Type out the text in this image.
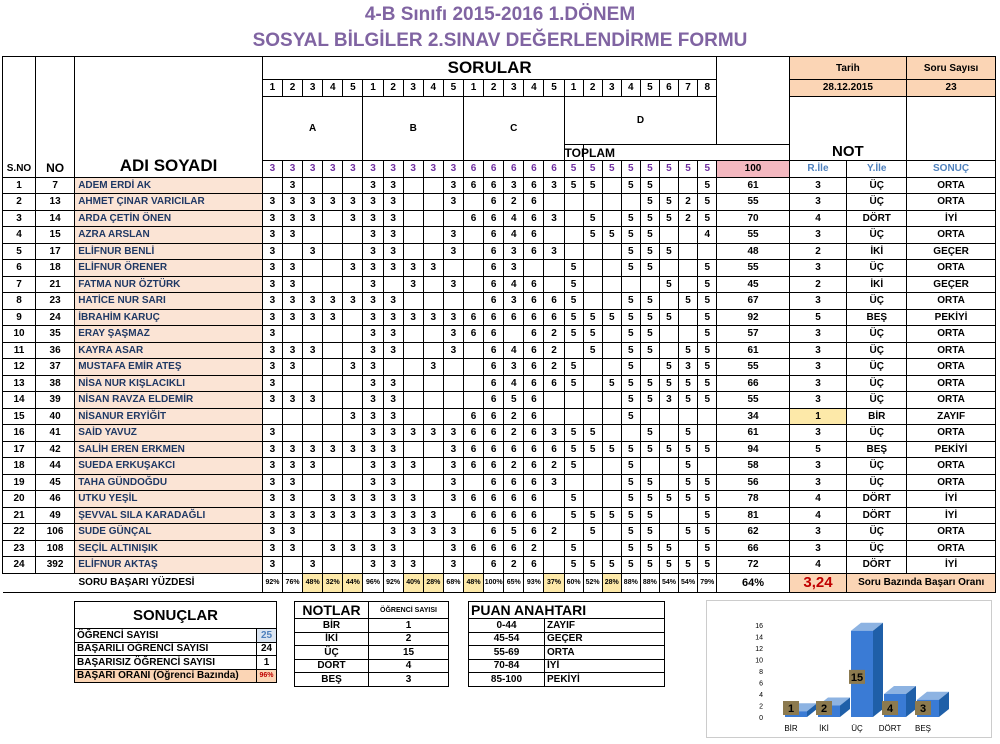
4-B Sınıfı 2015-2016 1.DÖNEM
SOSYAL BİLGİLER 2.SINAV DEĞERLENDİRME FORMU
S.NO	NO	ADI SOYADI	SORULAR																								Tarih		Soru Sayısı
			1	2	3	4	5	1	2	3	4	5	1	2	3	4	5	1	2	3	4	5	6	7	8		28.12.2015		23
			A					B					C					D									NOT		
																		TOPLAM											
			3	3	3	3	3	3	3	3	3	3	6	6	6	6	6	5	5	5	5	5	5	5	5	100	R.İle	Y.İle	SONUÇ
1	7	ADEM ERDİ AK		3				3	3			3	6	6	3	6	3	5	5		5	5			5	61	3	ÜÇ	ORTA
2	13	AHMET ÇINAR VARICILAR	3	3	3	3	3	3	3			3		6	2	6						5	5	2	5	55	3	ÜÇ	ORTA
3	14	ARDA ÇETİN ÖNEN	3	3	3		3	3	3				6	6	4	6	3		5		5	5	5	2	5	70	4	DÖRT	İYİ
4	15	AZRA ARSLAN	3	3				3	3			3		6	4	6			5	5	5	5			4	55	3	ÜÇ	ORTA
5	17	ELİFNUR BENLİ	3		3			3	3			3		6	3	6	3				5	5	5			48	2	İKİ	GEÇER
6	18	ELİFNUR ÖRENER	3	3			3	3	3	3	3			6	3			5			5	5			5	55	3	ÜÇ	ORTA
7	21	FATMA NUR ÖZTÜRK	3	3				3		3		3		6	4	6		5					5		5	45	2	İKİ	GEÇER
8	23	HATİCE NUR SARI	3	3	3	3	3	3	3					6	3	6	6	5			5	5		5	5	67	3	ÜÇ	ORTA
9	24	İBRAHİM KARUÇ	3	3	3	3		3	3	3	3	3	6	6	6	6	6	5	5	5	5	5	5		5	92	5	BEŞ	PEKİYİ
10	35	ERAY ŞAŞMAZ	3					3	3			3	6	6		6	2	5	5		5	5			5	57	3	ÜÇ	ORTA
11	36	KAYRA ASAR	3	3	3			3	3			3		6	4	6	2		5		5	5		5	5	61	3	ÜÇ	ORTA
12	37	MUSTAFA EMİR ATEŞ	3	3			3	3			3			6	3	6	2	5			5		5	3	5	55	3	ÜÇ	ORTA
13	38	NİSA NUR KIŞLACIKLI	3					3	3					6	4	6	6	5		5	5	5	5	5	5	66	3	ÜÇ	ORTA
14	39	NİSAN RAVZA ELDEMİR	3	3	3			3	3					6	5	6					5	5	3	5	5	55	3	ÜÇ	ORTA
15	40	NİSANUR ERYİĞİT					3	3	3				6	6	2	6					5					34	1	BİR	ZAYIF
16	41	SAİD YAVUZ	3					3	3	3	3	3	6	6	2	6	3	5	5			5		5		61	3	ÜÇ	ORTA
17	42	SALİH EREN ERKMEN	3	3	3	3	3	3	3			3	6	6	6	6	6	5	5	5	5	5	5	5	5	94	5	BEŞ	PEKİYİ
18	44	SUEDA ERKUŞAKCI	3	3	3			3	3	3		3	6	6	2	6	2	5			5			5		58	3	ÜÇ	ORTA
19	45	TAHA GÜNDOĞDU	3	3				3	3			3		6	6	6	3				5	5		5	5	56	3	ÜÇ	ORTA
20	46	UTKU YEŞİL	3	3		3	3	3	3	3		3	6	6	6	6		5			5	5	5	5	5	78	4	DÖRT	İYİ
21	49	ŞEVVAL SILA KARADAĞLI	3	3	3	3	3	3	3	3	3		6	6	6	6		5	5	5	5	5			5	81	4	DÖRT	İYİ
22	106	SUDE GÜNÇAL	3	3					3	3	3	3		6	5	6	2		5		5	5		5	5	62	3	ÜÇ	ORTA
23	108	SEÇİL ALTINIŞIK	3	3		3	3	3	3			3	6	6	6	2		5			5	5	5		5	66	3	ÜÇ	ORTA
24	392	ELİFNUR AKTAŞ	3		3			3	3	3		3		6	2	6		5	5	5	5	5	5	5	5	72	4	DÖRT	İYİ
SORU BAŞARI YÜZDESİ			92%	76%	48%	32%	44%	96%	92%	40%	28%	68%	48%	100%	65%	93%	37%	60%	52%	28%	88%	88%	54%	54%	79%	64%	3,24	Soru Bazında Başarı Oranı	
SONUÇLAR	
ÖĞRENCİ SAYISI	25
BAŞARILI ÖĞRENCİ SAYISI	24
BAŞARISIZ ÖĞRENCİ SAYISI	1
BAŞARI ORANI (Öğrenci Bazında)	96%
NOTLAR	ÖĞRENCİ SAYISI
BİR	1
İKİ	2
ÜÇ	15
DÖRT	4
BEŞ	3
PUAN ANAHTARI	
0-44	ZAYIF
45-54	GEÇER
55-69	ORTA
70-84	İYİ
85-100	PEKİYİ
0
2
4
6
8
10
12
14
16
1
BİR
2
İKİ
15
ÜÇ
4
DÖRT
3
BEŞ
